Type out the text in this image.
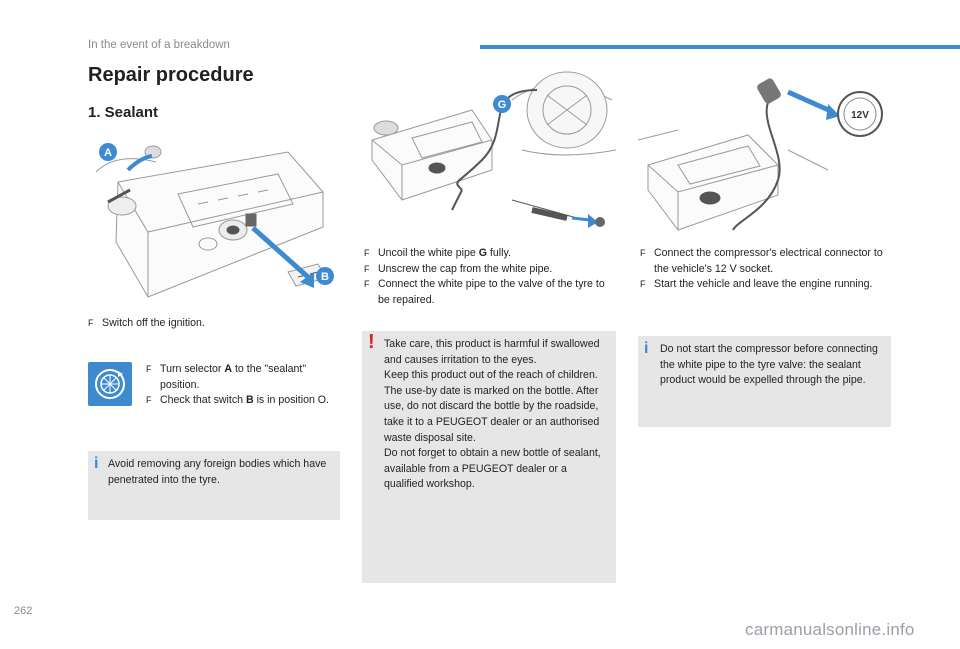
In the event of a breakdown
Repair procedure
1. Sealant
A
B
F Switch off the ignition.
F Turn selector A to the "sealant" position.
F Check that switch B is in position O.
i Avoid removing any foreign bodies which have penetrated into the tyre.

G
F Uncoil the white pipe G fully.
F Unscrew the cap from the white pipe.
F Connect the white pipe to the valve of the tyre to be repaired.
! Take care, this product is harmful if swallowed and causes irritation to the eyes.

Keep this product out of the reach of children.

The use-by date is marked on the bottle. After use, do not discard the bottle by the roadside, take it to a PEUGEOT dealer or an authorised waste disposal site.

Do not forget to obtain a new bottle of sealant, available from a PEUGEOT dealer or a qualified workshop.

12V
F Connect the compressor's electrical connector to the vehicle's 12 V socket.
F Start the vehicle and leave the engine running.
i Do not start the compressor before connecting the white pipe to the tyre valve: the sealant product would be expelled through the pipe.

262
carmanualsonline.info
